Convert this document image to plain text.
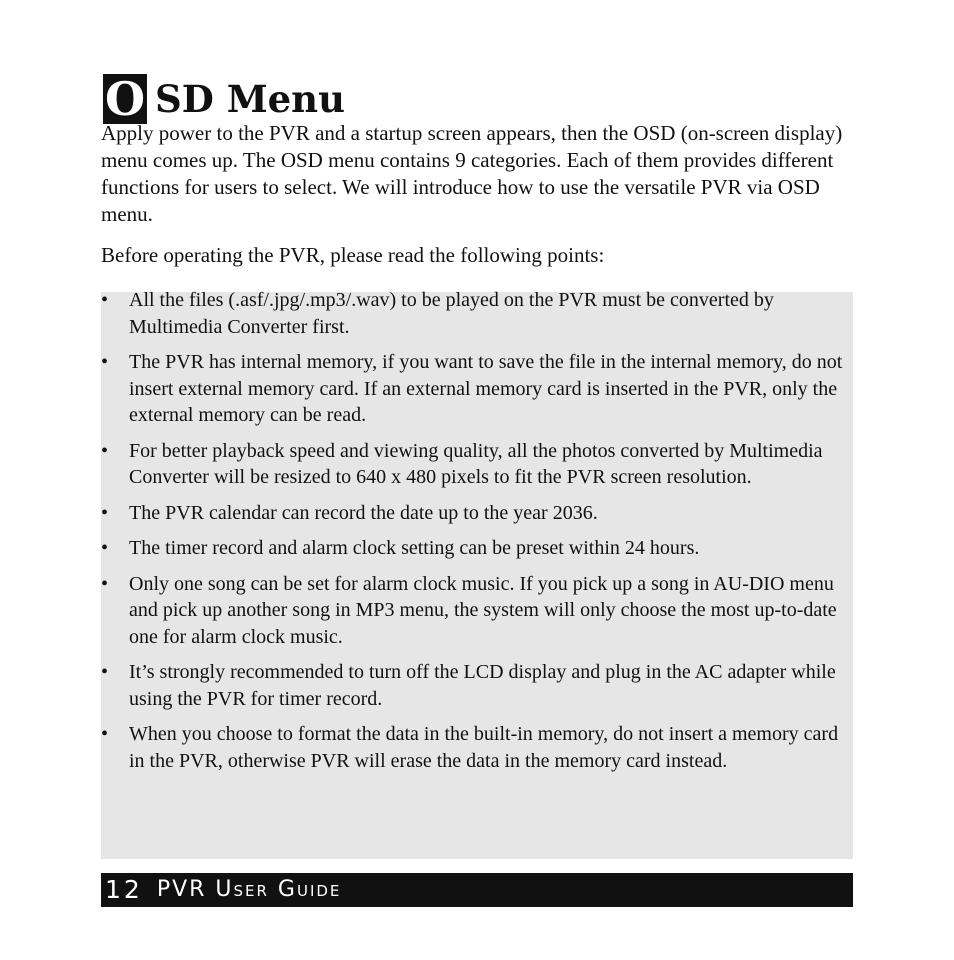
O SD Menu

Apply power to the PVR and a startup screen appears, then the OSD (on-screen display) menu comes up. The OSD menu contains 9 categories. Each of them provides different functions for users to select. We will introduce how to use the versatile PVR via OSD menu.

Before operating the PVR, please read the following points:

•	All the files (.asf/.jpg/.mp3/.wav) to be played on the PVR must be converted by Multimedia Converter first.
•	The PVR has internal memory, if you want to save the file in the internal memory, do not insert external memory card. If an external memory card is inserted in the PVR, only the external memory can be read.
•	For better playback speed and viewing quality, all the photos converted by Multimedia Converter will be resized to 640 x 480 pixels to fit the PVR screen resolution.
•	The PVR calendar can record the date up to the year 2036.
•	The timer record and alarm clock setting can be preset within 24 hours.
•	Only one song can be set for alarm clock music. If you pick up a song in AU-DIO menu and pick up another song in MP3 menu, the system will only choose the most up-to-date one for alarm clock music.
•	It’s strongly recommended to turn off the LCD display and plug in the AC adapter while using the PVR for timer record.
•	When you choose to format the data in the built-in memory, do not insert a memory card in the PVR, otherwise PVR will erase the data in the memory card instead.
12 PVR User Guide
